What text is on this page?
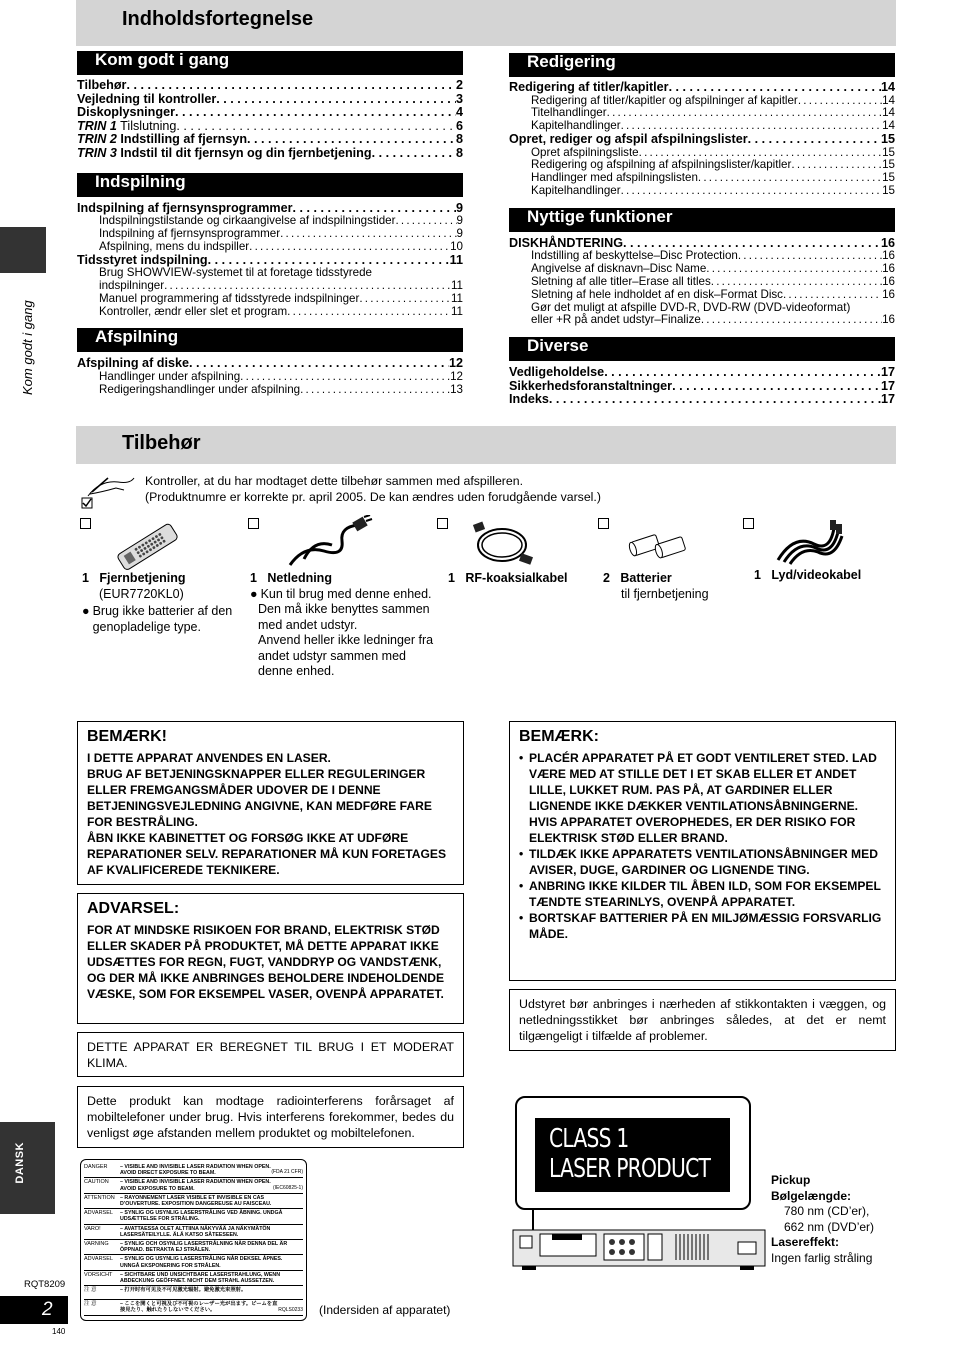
Indholdsfortegnelse
Kom godt i gang
Tilbehør . . .	2
Vejledning til kontroller . . .	3
Diskoplysninger . . .	4
TRIN 1 Tilslutning . . .	6
TRIN 2 Indstilling af fjernsyn . . .	8
TRIN 3 Indstil til dit fjernsyn og din fjernbetjening . . .	8
Indspilning
Indspilning af fjernsynsprogrammer . . .	9
Indspilningstilstande og cirkaangivelse af indspilningstider . . .	9
Indspilning af fjernsynsprogrammer . . .	9
Afspilning, mens du indspiller . . .	10
Tidsstyret indspilning . . .	11
Brug SHOWVIEW-systemet til at foretage tidsstyrede
indspilninger . . .	11
Manuel programmering af tidsstyrede indspilninger . . .	11
Kontroller, ændr eller slet et program . . .	11
Afspilning
Afspilning af diske . . .	12
Handlinger under afspilning . . .	12
Redigeringshandlinger under afspilning . . .	13
Redigering
Redigering af titler/kapitler . . .	14
Redigering af titler/kapitler og afspilninger af kapitler . . .	14
Titelhandlinger . . .	14
Kapitelhandlinger . . .	14
Opret, rediger og afspil afspilningslister . . .	15
Opret afspilningsliste . . .	15
Redigering og afspilning af afspilningslister/kapitler . . .	15
Handlinger med afspilningslisten . . .	15
Kapitelhandlinger . . .	15
Nyttige funktioner
DISKHÅNDTERING . . .	16
Indstilling af beskyttelse–Disc Protection . . .	16
Angivelse af disknavn–Disc Name . . .	16
Sletning af alle titler–Erase all titles . . .	16
Sletning af hele indholdet af en disk–Format Disc . . .	16
Gør det muligt at afspille DVD-R, DVD-RW (DVD-videoformat)
eller +R på andet udstyr–Finalize . . .	16
Diverse
Vedligeholdelse . . .	17
Sikkerhedsforanstaltninger . . .	17
Indeks . . .	17
Kom godt i gang
Tilbehør
Kontroller, at du har modtaget dette tilbehør sammen med afspilleren.
(Produktnumre er korrekte pr. april 2005. De kan ændres uden forudgående varsel.)
1 Fjernbetjening
(EUR7720KL0)
● Brug ikke batterier af den genopladelige type.
1 Netledning
● Kun til brug med denne enhed.
Den må ikke benyttes sammen med andet udstyr.
Anvend heller ikke ledninger fra andet udstyr sammen med denne enhed.
1 RF-koaksialkabel	2 Batterier
til fjernbetjening
1 Lyd/videokabel
BEMÆRK!
I DETTE APPARAT ANVENDES EN LASER.
BRUG AF BETJENINGSKNAPPER ELLER REGULERINGER ELLER FREMGANGSMÅDER UDOVER DE I DENNE BETJENINGSVEJLEDNING ANGIVNE, KAN MEDFØRE FARE FOR BESTRÅLING.
ÅBN IKKE KABINETTET OG FORSØG IKKE AT UDFØRE REPARATIONER SELV. REPARATIONER MÅ KUN FORETAGES AF KVALIFICEREDE TEKNIKERE.
ADVARSEL:
FOR AT MINDSKE RISIKOEN FOR BRAND, ELEKTRISK STØD ELLER SKADER PÅ PRODUKTET, MÅ DETTE APPARAT IKKE UDSÆTTES FOR REGN, FUGT, VANDDRYP OG VANDSTÆNK, OG DER MÅ IKKE ANBRINGES BEHOLDERE INDEHOLDENDE VÆSKE, SOM FOR EKSEMPEL VASER, OVENPÅ APPARATET.
DETTE APPARAT ER BEREGNET TIL BRUG I ET MODERAT KLIMA.
Dette produkt kan modtage radiointerferens forårsaget af mobiltelefoner under brug. Hvis interferens forekommer, bedes du venligst øge afstanden mellem produktet og mobiltelefonen.
DANGER	– VISIBLE AND INVISIBLE LASER RADIATION WHEN OPEN. AVOID DIRECT EXPOSURE TO BEAM.	(FDA 21 CFR)
CAUTION	– VISIBLE AND INVISIBLE LASER RADIATION WHEN OPEN. AVOID EXPOSURE TO BEAM.	(IEC60825-1)
ATTENTION – RAYONNEMENT LASER VISIBLE ET INVISIBLE EN CAS D’OUVERTURE. EXPOSITION DANGEREUSE AU FAISCEAU.
ADVARSEL	– SYNLIG OG USYNLIG LASERSTRÅLING VED ÅBNING. UNDGÅ UDSÆTTELSE FOR STRÅLING.
VARO!	– AVATTAESSA OLET ALTTIINA NÄKYVÄÄ JA NÄKYMÄTÖN LASERSÄTEILYLLE. ÄLÄ KATSO SÄTEESEEN.
VARNING	– SYNLIG OCH OSYNLIG LASERSTRÅLNING NÄR DENNA DEL ÄR ÖPPNAD. BETRAKTA EJ STRÅLEN.
ADVARSEL	– SYNLIG OG USYNLIG LASERSTRÅLING NÅR DEKSEL ÅPNES. UNNGÅ EKSPONERING FOR STRÅLEN.
VORSICHT	– SICHTBARE UND UNSICHTBARE LASERSTRAHLUNG, WENN ABDECKUNG GEÖFFNET. NICHT DEM STRAHL AUSSETZEN.
注 意	– 打开时有可见及不可见激光辐射。避免激光束照射。
注 意	– ここを開くと可視及び不可視のレーザー光が出ます。ビームを直接見たり、触れたりしないでください。	RQLS0233 (Indersiden af apparatet)
BEMÆRK:
• PLACÉR APPARATET PÅ ET GODT VENTILERET STED. LAD VÆRE MED AT STILLE DET I ET SKAB ELLER ET ANDET LILLE, LUKKET RUM. PAS PÅ, AT GARDINER ELLER LIGNENDE IKKE DÆKKER VENTILATIONSÅBNINGERNE. HVIS APPARATET OVEROPHEDES, ER DER RISIKO FOR ELEKTRISK STØD ELLER BRAND.
• TILDÆK IKKE APPARATETS VENTILATIONSÅBNINGER MED AVISER, DUGE, GARDINER OG LIGNENDE TING.
• ANBRING IKKE KILDER TIL ÅBEN ILD, SOM FOR EKSEMPEL TÆNDTE STEARINLYS, OVENPÅ APPARATET.
• BORTSKAF BATTERIER PÅ EN MILJØMÆSSIG FORSVARLIG MÅDE.
Udstyret bør anbringes i nærheden af stikkontakten i væggen, og netledningsstikket bør anbringes således, at det er nemt tilgængeligt i tilfælde af problemer.
CLASS 1
LASER PRODUCT	Pickup
Bølgelængde:
780 nm (CD’er),
662 nm (DVD’er)
Lasereffekt:
Ingen farlig stråling
DANSK
RQT8209
2
140
